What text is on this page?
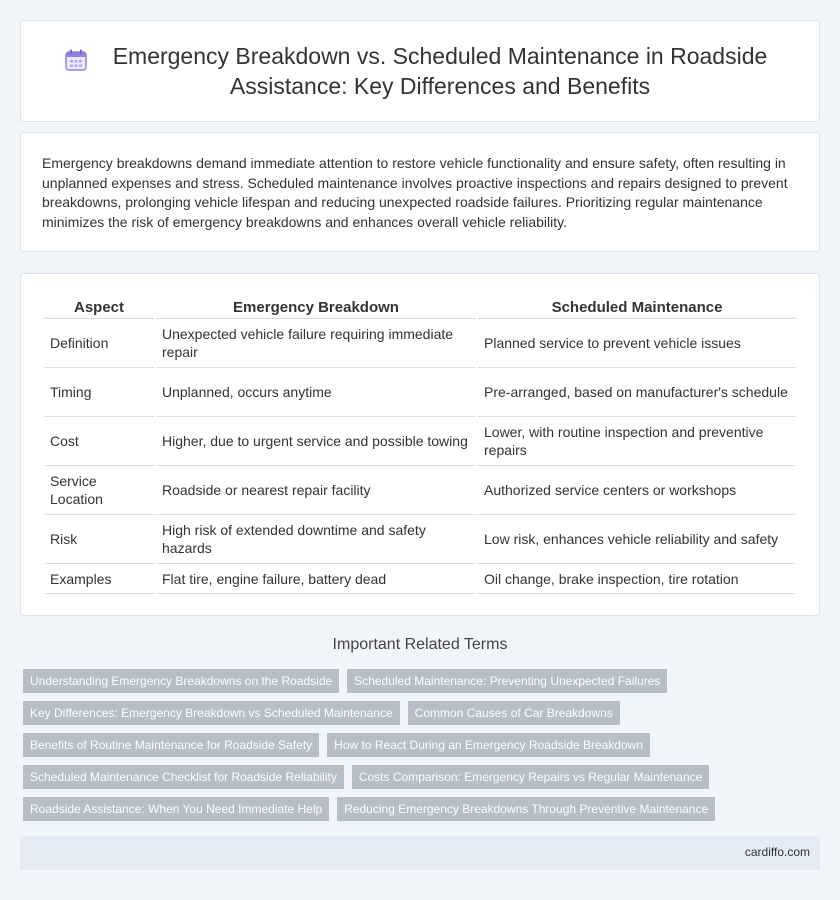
Emergency Breakdown vs. Scheduled Maintenance in Roadside Assistance: Key Differences and Benefits

Emergency breakdowns demand immediate attention to restore vehicle functionality and ensure safety, often resulting in unplanned expenses and stress. Scheduled maintenance involves proactive inspections and repairs designed to prevent breakdowns, prolonging vehicle lifespan and reducing unexpected roadside failures. Prioritizing regular maintenance minimizes the risk of emergency breakdowns and enhances overall vehicle reliability.

Aspect	Emergency Breakdown	Scheduled Maintenance
Definition	Unexpected vehicle failure requiring immediate repair	Planned service to prevent vehicle issues
Timing	Unplanned, occurs anytime	Pre-arranged, based on manufacturer's schedule
Cost	Higher, due to urgent service and possible towing	Lower, with routine inspection and preventive repairs
Service Location	Roadside or nearest repair facility	Authorized service centers or workshops
Risk	High risk of extended downtime and safety hazards	Low risk, enhances vehicle reliability and safety
Examples	Flat tire, engine failure, battery dead	Oil change, brake inspection, tire rotation
Important Related Terms
Understanding Emergency Breakdowns on the Roadside	Scheduled Maintenance: Preventing Unexpected Failures
Key Differences: Emergency Breakdown vs Scheduled Maintenance	Common Causes of Car Breakdowns
Benefits of Routine Maintenance for Roadside Safety	How to React During an Emergency Roadside Breakdown
Scheduled Maintenance Checklist for Roadside Reliability	Costs Comparison: Emergency Repairs vs Regular Maintenance
Roadside Assistance: When You Need Immediate Help	Reducing Emergency Breakdowns Through Preventive Maintenance
cardiffo.com
